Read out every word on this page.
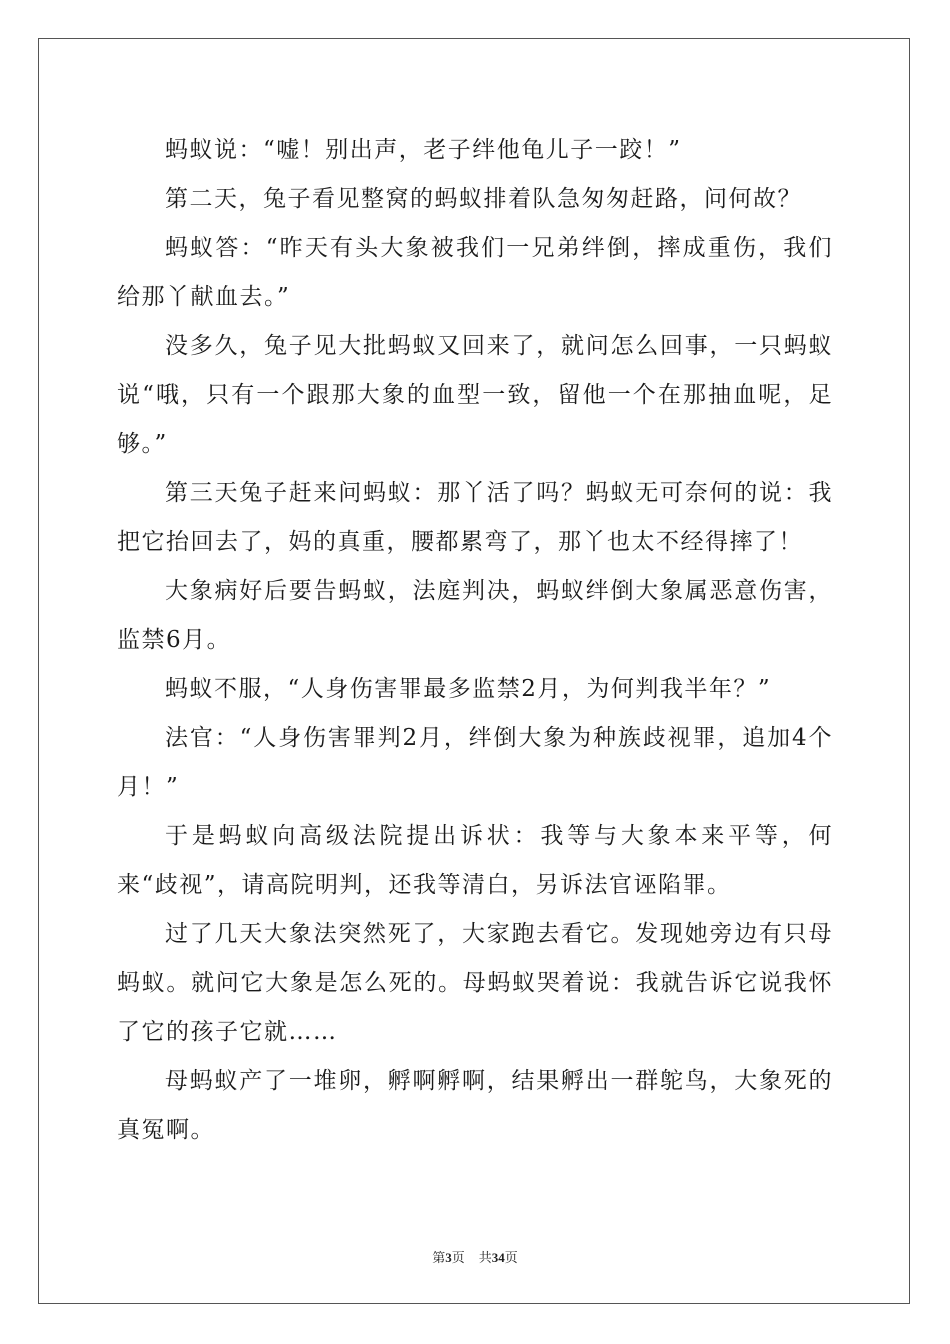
蚂蚁说：“嘘！别出声，老子绊他龟儿子一跤！”

第二天，兔子看见整窝的蚂蚁排着队急匆匆赶路，问何故？

蚂蚁答：“昨天有头大象被我们一兄弟绊倒，摔成重伤，我们给那丫献血去。”

没多久，兔子见大批蚂蚁又回来了，就问怎么回事，一只蚂蚁说“哦，只有一个跟那大象的血型一致，留他一个在那抽血呢，足够。”

第三天兔子赶来问蚂蚁：那丫活了吗？蚂蚁无可奈何的说：我把它抬回去了，妈的真重，腰都累弯了，那丫也太不经得摔了！

大象病好后要告蚂蚁，法庭判决，蚂蚁绊倒大象属恶意伤害，监禁6月。

蚂蚁不服，“人身伤害罪最多监禁2月，为何判我半年？”

法官：“人身伤害罪判2月，绊倒大象为种族歧视罪，追加4个月！”

于是蚂蚁向高级法院提出诉状：我等与大象本来平等，何来“歧视”，请高院明判，还我等清白，另诉法官诬陷罪。

过了几天大象法突然死了，大家跑去看它。发现她旁边有只母蚂蚁。就问它大象是怎么死的。母蚂蚁哭着说：我就告诉它说我怀了它的孩子它就……

母蚂蚁产了一堆卵，孵啊孵啊，结果孵出一群鸵鸟，大象死的真冤啊。

第3页 共34页
